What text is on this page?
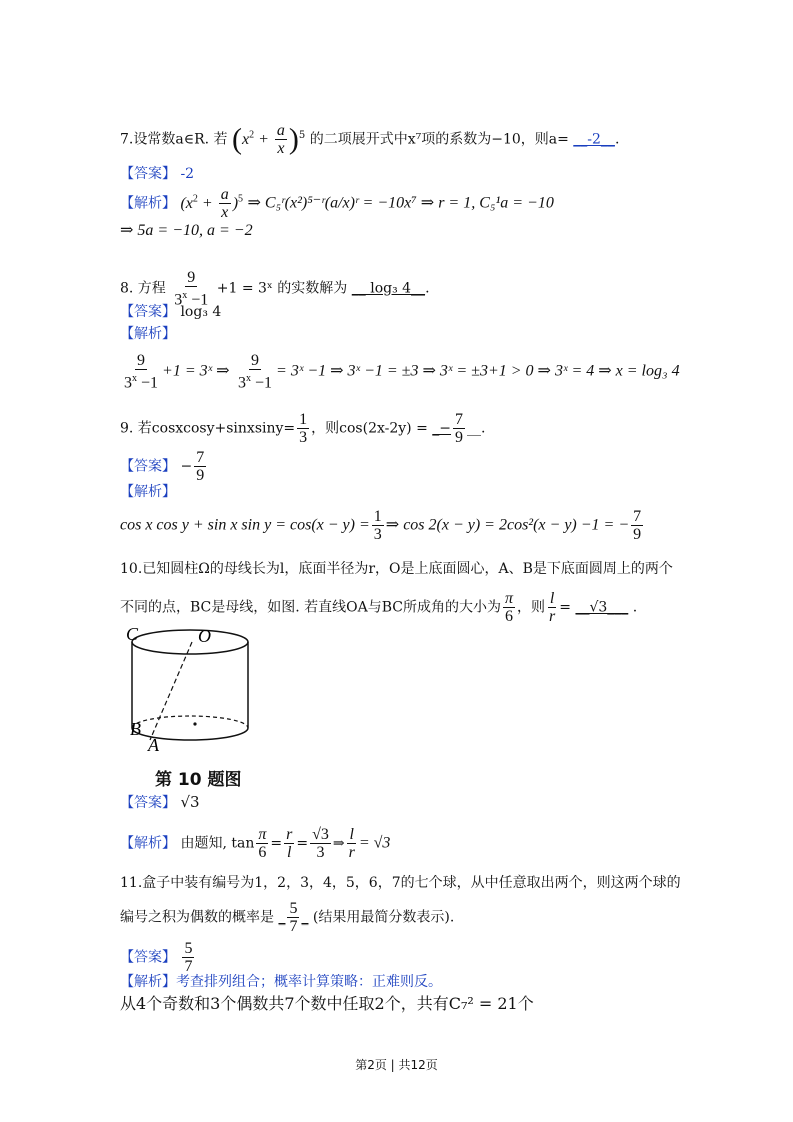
7.设常数a∈R. 若 $(x^2 + \frac{a}{x} )^5$ 的二项展开式中x⁷项的系数为−10，则a= __-2__.
【答案】 -2
【解析】 $(x^2 + \frac{a}{x} )^5$ ⇒ C₅ʳ(x²)⁵⁻ʳ(a/x)ʳ = −10x⁷ ⇒ r = 1, C₅¹a = −10
⇒ 5a = −10, a = −2
8. 方程 $\frac{9}{3^x -1} +1$ = 3ˣ 的实数解为 __ log₃ 4__.
【答案】 log₃ 4
【解析】
$\frac{9}{3^x -1} +1$ = 3ˣ ⇒ $\frac{9}{3^x -1}$ = 3ˣ −1 ⇒ 3ˣ −1 = ±3 ⇒ 3ˣ = ±3+1 > 0 ⇒ 3ˣ = 4 ⇒ x = log₃ 4
9. 若cosxcosy+sinxsiny= $\frac{1}{3}$ ，则cos(2x-2y) = _− $\frac{7}{9}$ __.
【答案】 − $\frac{7}{9}$
【解析】
cos x cos y + sin x $\sin y = \cos(x - y) = \frac{1}{3}$ ⇒ cos 2(x − y) = 2cos²(x − y) −1 = − $\frac{7}{9}$
10.已知圆柱Ω的母线长为l，底面半径为r，O是上底面圆心，A、B是下底面圆周上的两个
不同的点，BC是母线，如图. 若直线OA与BC所成角的大小为 $\frac{\pi}{6}$ ，则 $\frac{l}{r}$ = __√3___ .
C	O
B
A
第 10 题图
【答案】 √3
【解析】 由题知, $\tan \frac{\pi}{6} = \frac{r}{l} = \frac{√3}{3}$ ⇒ $\frac{l}{r} = √3$
11.盒子中装有编号为1，2，3，4，5，6，7的七个球，从中任意取出两个，则这两个球的
编号之积为偶数的概率是 _ $\frac{5}{7}$ _ (结果用最简分数表示).
【答案】 $\frac{5}{7}$
【解析】考查排列组合；概率计算策略：正难则反。
从4个奇数和3个偶数共7个数中任取2个，共有C₇² = 21个
第2页 | 共12页
